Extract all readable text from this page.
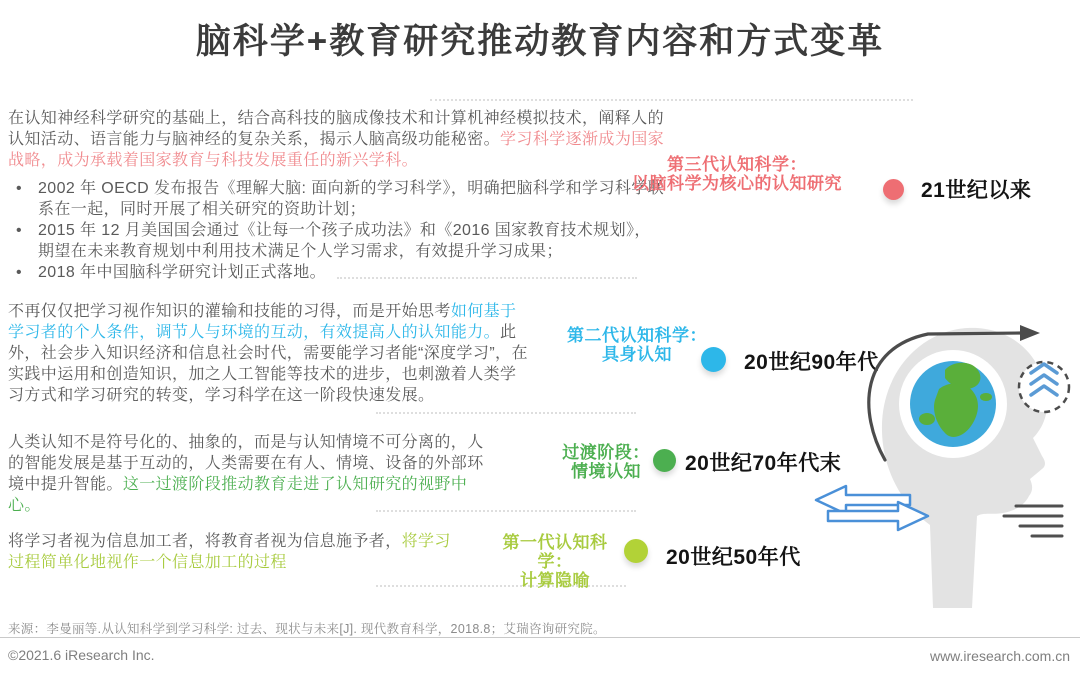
脑科学+教育研究推动教育内容和方式变革

在认知神经科学研究的基础上，结合高科技的脑成像技术和计算机神经模拟技术，阐释人的认知活动、语言能力与脑神经的复杂关系，揭示人脑高级功能秘密。学习科学逐渐成为国家战略，成为承载着国家教育与科技发展重任的新兴学科。

• 2002 年 OECD 发布报告《理解大脑: 面向新的学习科学》，明确把脑科学和学习科学联系在一起，同时开展了相关研究的资助计划；
• 2015 年 12 月美国国会通过《让每一个孩子成功法》和《2016 国家教育技术规划》，期望在未来教育规划中利用技术满足个人学习需求，有效提升学习成果；
• 2018 年中国脑科学研究计划正式落地。

不再仅仅把学习视作知识的灌输和技能的习得，而是开始思考如何基于学习者的个人条件，调节人与环境的互动，有效提高人的认知能力。此外，社会步入知识经济和信息社会时代，需要能学习者能“深度学习”，在实践中运用和创造知识，加之人工智能等技术的进步，也刺激着人类学习方式和学习研究的转变，学习科学在这一阶段快速发展。

人类认知不是符号化的、抽象的，而是与认知情境不可分离的，人的智能发展是基于互动的，人类需要在有人、情境、设备的外部环境中提升智能。这一过渡阶段推动教育走进了认知研究的视野中心。

将学习者视为信息加工者，将教育者视为信息施予者，将学习过程简单化地视作一个信息加工的过程

第三代认知科学：
以脑科学为核心的认知研究	21世纪以来
第二代认知科学：
具身认知	20世纪90年代
过渡阶段：
情境认知	20世纪70年代末
第一代认知科学：
计算隐喻
20世纪50年代
来源：李曼丽等.从认知科学到学习科学: 过去、现状与未来[J]. 现代教育科学，2018.8；艾瑞咨询研究院。
©2021.6 iResearch Inc.	www.iresearch.com.cn
